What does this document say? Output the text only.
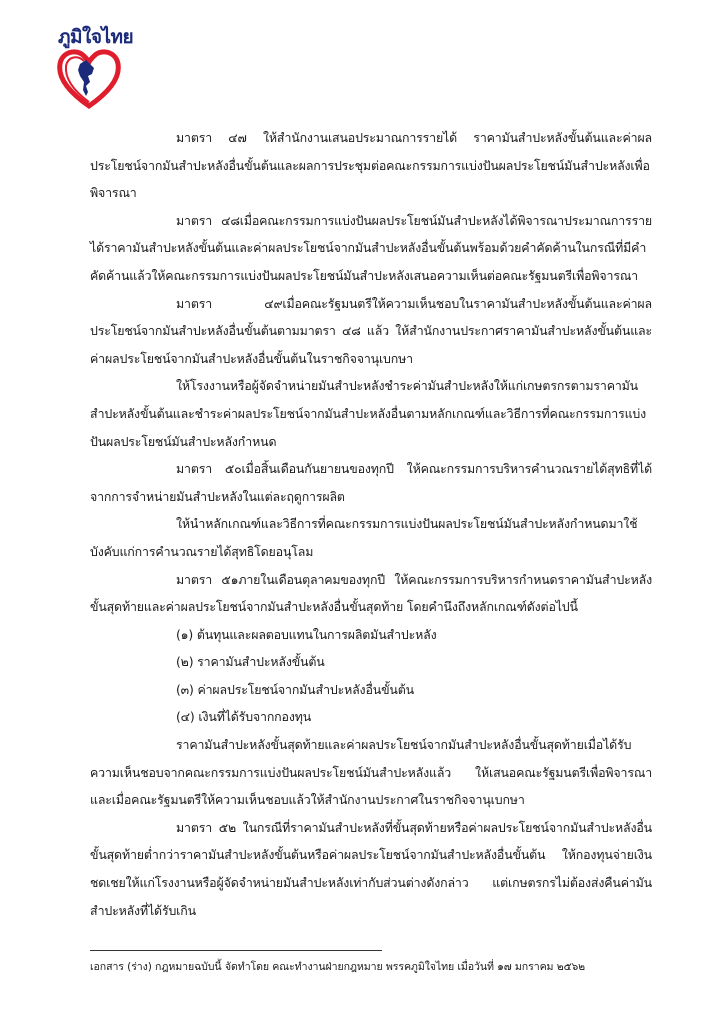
ภูมิใจไทย

มาตรา ๔๗ ให้สำนักงานเสนอประมาณการรายได้ ราคามันสำปะหลังขั้นต้นและค่าผลประโยชน์จากมันสำปะหลังอื่นขั้นต้นและผลการประชุมต่อคณะกรรมการแบ่งปันผลประโยชน์มันสำปะหลังเพื่อพิจารณา

มาตรา ๔๘เมื่อคณะกรรมการแบ่งปันผลประโยชน์มันสำปะหลังได้พิจารณาประมาณการรายได้ราคามันสำปะหลังขั้นต้นและค่าผลประโยชน์จากมันสำปะหลังอื่นขั้นต้นพร้อมด้วยคำคัดค้านในกรณีที่มีคำคัดค้านแล้วให้คณะกรรมการแบ่งปันผลประโยชน์มันสำปะหลังเสนอความเห็นต่อคณะรัฐมนตรีเพื่อพิจารณา

มาตรา ๔๙เมื่อคณะรัฐมนตรีให้ความเห็นชอบในราคามันสำปะหลังขั้นต้นและค่าผลประโยชน์จากมันสำปะหลังอื่นขั้นต้นตามมาตรา ๔๘ แล้ว ให้สำนักงานประกาศราคามันสำปะหลังขั้นต้นและค่าผลประโยชน์จากมันสำปะหลังอื่นขั้นต้นในราชกิจจานุเบกษา

ให้โรงงานหรือผู้จัดจำหน่ายมันสำปะหลังชำระค่ามันสำปะหลังให้แก่เกษตรกรตามราคามันสำปะหลังขั้นต้นและชำระค่าผลประโยชน์จากมันสำปะหลังอื่นตามหลักเกณฑ์และวิธีการที่คณะกรรมการแบ่งปันผลประโยชน์มันสำปะหลังกำหนด

มาตรา ๕๐เมื่อสิ้นเดือนกันยายนของทุกปี ให้คณะกรรมการบริหารคำนวณรายได้สุทธิที่ได้จากการจำหน่ายมันสำปะหลังในแต่ละฤดูการผลิต

ให้นำหลักเกณฑ์และวิธีการที่คณะกรรมการแบ่งปันผลประโยชน์มันสำปะหลังกำหนดมาใช้บังคับแก่การคำนวณรายได้สุทธิโดยอนุโลม

มาตรา ๕๑ภายในเดือนตุลาคมของทุกปี ให้คณะกรรมการบริหารกำหนดราคามันสำปะหลังขั้นสุดท้ายและค่าผลประโยชน์จากมันสำปะหลังอื่นขั้นสุดท้าย โดยคำนึงถึงหลักเกณฑ์ดังต่อไปนี้

(๑) ต้นทุนและผลตอบแทนในการผลิตมันสำปะหลัง

(๒) ราคามันสำปะหลังขั้นต้น

(๓) ค่าผลประโยชน์จากมันสำปะหลังอื่นขั้นต้น

(๔) เงินที่ได้รับจากกองทุน

ราคามันสำปะหลังขั้นสุดท้ายและค่าผลประโยชน์จากมันสำปะหลังอื่นขั้นสุดท้ายเมื่อได้รับความเห็นชอบจากคณะกรรมการแบ่งปันผลประโยชน์มันสำปะหลังแล้ว ให้เสนอคณะรัฐมนตรีเพื่อพิจารณาและเมื่อคณะรัฐมนตรีให้ความเห็นชอบแล้วให้สำนักงานประกาศในราชกิจจานุเบกษา

มาตรา ๕๒ ในกรณีที่ราคามันสำปะหลังที่ขั้นสุดท้ายหรือค่าผลประโยชน์จากมันสำปะหลังอื่นขั้นสุดท้ายต่ำกว่าราคามันสำปะหลังขั้นต้นหรือค่าผลประโยชน์จากมันสำปะหลังอื่นขั้นต้น ให้กองทุนจ่ายเงินชดเชยให้แก่โรงงานหรือผู้จัดจำหน่ายมันสำปะหลังเท่ากับส่วนต่างดังกล่าว แต่เกษตรกรไม่ต้องส่งคืนค่ามันสำปะหลังที่ได้รับเกิน

เอกสาร (ร่าง) กฎหมายฉบับนี้ จัดทำโดย คณะทำงานฝ่ายกฎหมาย พรรคภูมิใจไทย เมื่อวันที่ ๑๗ มกราคม ๒๕๖๒
